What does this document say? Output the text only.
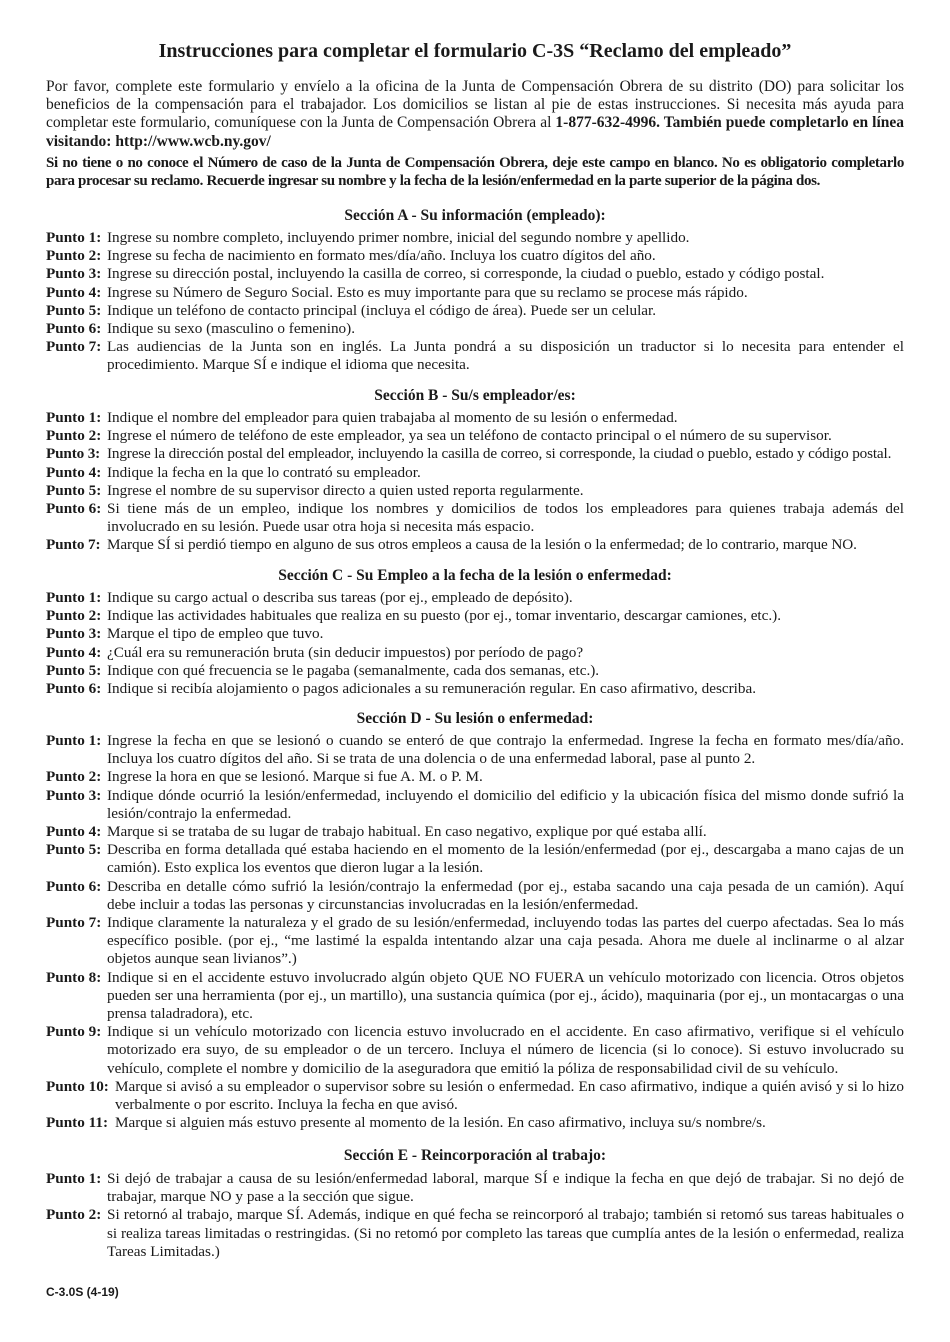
Instrucciones para completar el formulario C-3S “Reclamo del empleado”

Por favor, complete este formulario y envíelo a la oficina de la Junta de Compensación Obrera de su distrito (DO) para solicitar los beneficios de la compensación para el trabajador. Los domicilios se listan al pie de estas instrucciones. Si necesita más ayuda para completar este formulario, comuníquese con la Junta de Compensación Obrera al 1-877-632-4996. También puede completarlo en línea visitando: http://www.wcb.ny.gov/

Si no tiene o no conoce el Número de caso de la Junta de Compensación Obrera, deje este campo en blanco. No es obligatorio completarlo para procesar su reclamo. Recuerde ingresar su nombre y la fecha de la lesión/enfermedad en la parte superior de la página dos.

Sección A - Su información (empleado):
Punto 1: Ingrese su nombre completo, incluyendo primer nombre, inicial del segundo nombre y apellido.
Punto 2: Ingrese su fecha de nacimiento en formato mes/día/año. Incluya los cuatro dígitos del año.
Punto 3: Ingrese su dirección postal, incluyendo la casilla de correo, si corresponde, la ciudad o pueblo, estado y código postal.
Punto 4: Ingrese su Número de Seguro Social. Esto es muy importante para que su reclamo se procese más rápido.
Punto 5: Indique un teléfono de contacto principal (incluya el código de área). Puede ser un celular.
Punto 6: Indique su sexo (masculino o femenino).
Punto 7: Las audiencias de la Junta son en inglés. La Junta pondrá a su disposición un traductor si lo necesita para entender el procedimiento. Marque SÍ e indique el idioma que necesita.
Sección B - Su/s empleador/es:
Punto 1: Indique el nombre del empleador para quien trabajaba al momento de su lesión o enfermedad.
Punto 2: Ingrese el número de teléfono de este empleador, ya sea un teléfono de contacto principal o el número de su supervisor.
Punto 3: Ingrese la dirección postal del empleador, incluyendo la casilla de correo, si corresponde, la ciudad o pueblo, estado y código postal.
Punto 4: Indique la fecha en la que lo contrató su empleador.
Punto 5: Ingrese el nombre de su supervisor directo a quien usted reporta regularmente.
Punto 6: Si tiene más de un empleo, indique los nombres y domicilios de todos los empleadores para quienes trabaja además del involucrado en su lesión. Puede usar otra hoja si necesita más espacio.
Punto 7: Marque SÍ si perdió tiempo en alguno de sus otros empleos a causa de la lesión o la enfermedad; de lo contrario, marque NO.
Sección C - Su Empleo a la fecha de la lesión o enfermedad:
Punto 1: Indique su cargo actual o describa sus tareas (por ej., empleado de depósito).
Punto 2: Indique las actividades habituales que realiza en su puesto (por ej., tomar inventario, descargar camiones, etc.).
Punto 3: Marque el tipo de empleo que tuvo.
Punto 4: ¿Cuál era su remuneración bruta (sin deducir impuestos) por período de pago?
Punto 5: Indique con qué frecuencia se le pagaba (semanalmente, cada dos semanas, etc.).
Punto 6: Indique si recibía alojamiento o pagos adicionales a su remuneración regular. En caso afirmativo, describa.
Sección D - Su lesión o enfermedad:
Punto 1: Ingrese la fecha en que se lesionó o cuando se enteró de que contrajo la enfermedad. Ingrese la fecha en formato mes/día/año. Incluya los cuatro dígitos del año. Si se trata de una dolencia o de una enfermedad laboral, pase al punto 2.
Punto 2: Ingrese la hora en que se lesionó. Marque si fue A. M. o P. M.
Punto 3: Indique dónde ocurrió la lesión/enfermedad, incluyendo el domicilio del edificio y la ubicación física del mismo donde sufrió la lesión/contrajo la enfermedad.
Punto 4: Marque si se trataba de su lugar de trabajo habitual. En caso negativo, explique por qué estaba allí.
Punto 5: Describa en forma detallada qué estaba haciendo en el momento de la lesión/enfermedad (por ej., descargaba a mano cajas de un camión). Esto explica los eventos que dieron lugar a la lesión.
Punto 6: Describa en detalle cómo sufrió la lesión/contrajo la enfermedad (por ej., estaba sacando una caja pesada de un camión). Aquí debe incluir a todas las personas y circunstancias involucradas en la lesión/enfermedad.
Punto 7: Indique claramente la naturaleza y el grado de su lesión/enfermedad, incluyendo todas las partes del cuerpo afectadas. Sea lo más específico posible. (por ej., “me lastimé la espalda intentando alzar una caja pesada. Ahora me duele al inclinarme o al alzar objetos aunque sean livianos”.)
Punto 8: Indique si en el accidente estuvo involucrado algún objeto QUE NO FUERA un vehículo motorizado con licencia. Otros objetos pueden ser una herramienta (por ej., un martillo), una sustancia química (por ej., ácido), maquinaria (por ej., un montacargas o una prensa taladradora), etc.
Punto 9: Indique si un vehículo motorizado con licencia estuvo involucrado en el accidente. En caso afirmativo, verifique si el vehículo motorizado era suyo, de su empleador o de un tercero. Incluya el número de licencia (si lo conoce). Si estuvo involucrado su vehículo, complete el nombre y domicilio de la aseguradora que emitió la póliza de responsabilidad civil de su vehículo.
Punto 10: Marque si avisó a su empleador o supervisor sobre su lesión o enfermedad. En caso afirmativo, indique a quién avisó y si lo hizo verbalmente o por escrito. Incluya la fecha en que avisó.
Punto 11: Marque si alguien más estuvo presente al momento de la lesión. En caso afirmativo, incluya su/s nombre/s.
Sección E - Reincorporación al trabajo:
Punto 1: Si dejó de trabajar a causa de su lesión/enfermedad laboral, marque SÍ e indique la fecha en que dejó de trabajar. Si no dejó de trabajar, marque NO y pase a la sección que sigue.
Punto 2: Si retornó al trabajo, marque SÍ. Además, indique en qué fecha se reincorporó al trabajo; también si retomó sus tareas habituales o si realiza tareas limitadas o restringidas. (Si no retomó por completo las tareas que cumplía antes de la lesión o enfermedad, realiza Tareas Limitadas.)

C-3.0S (4-19)
